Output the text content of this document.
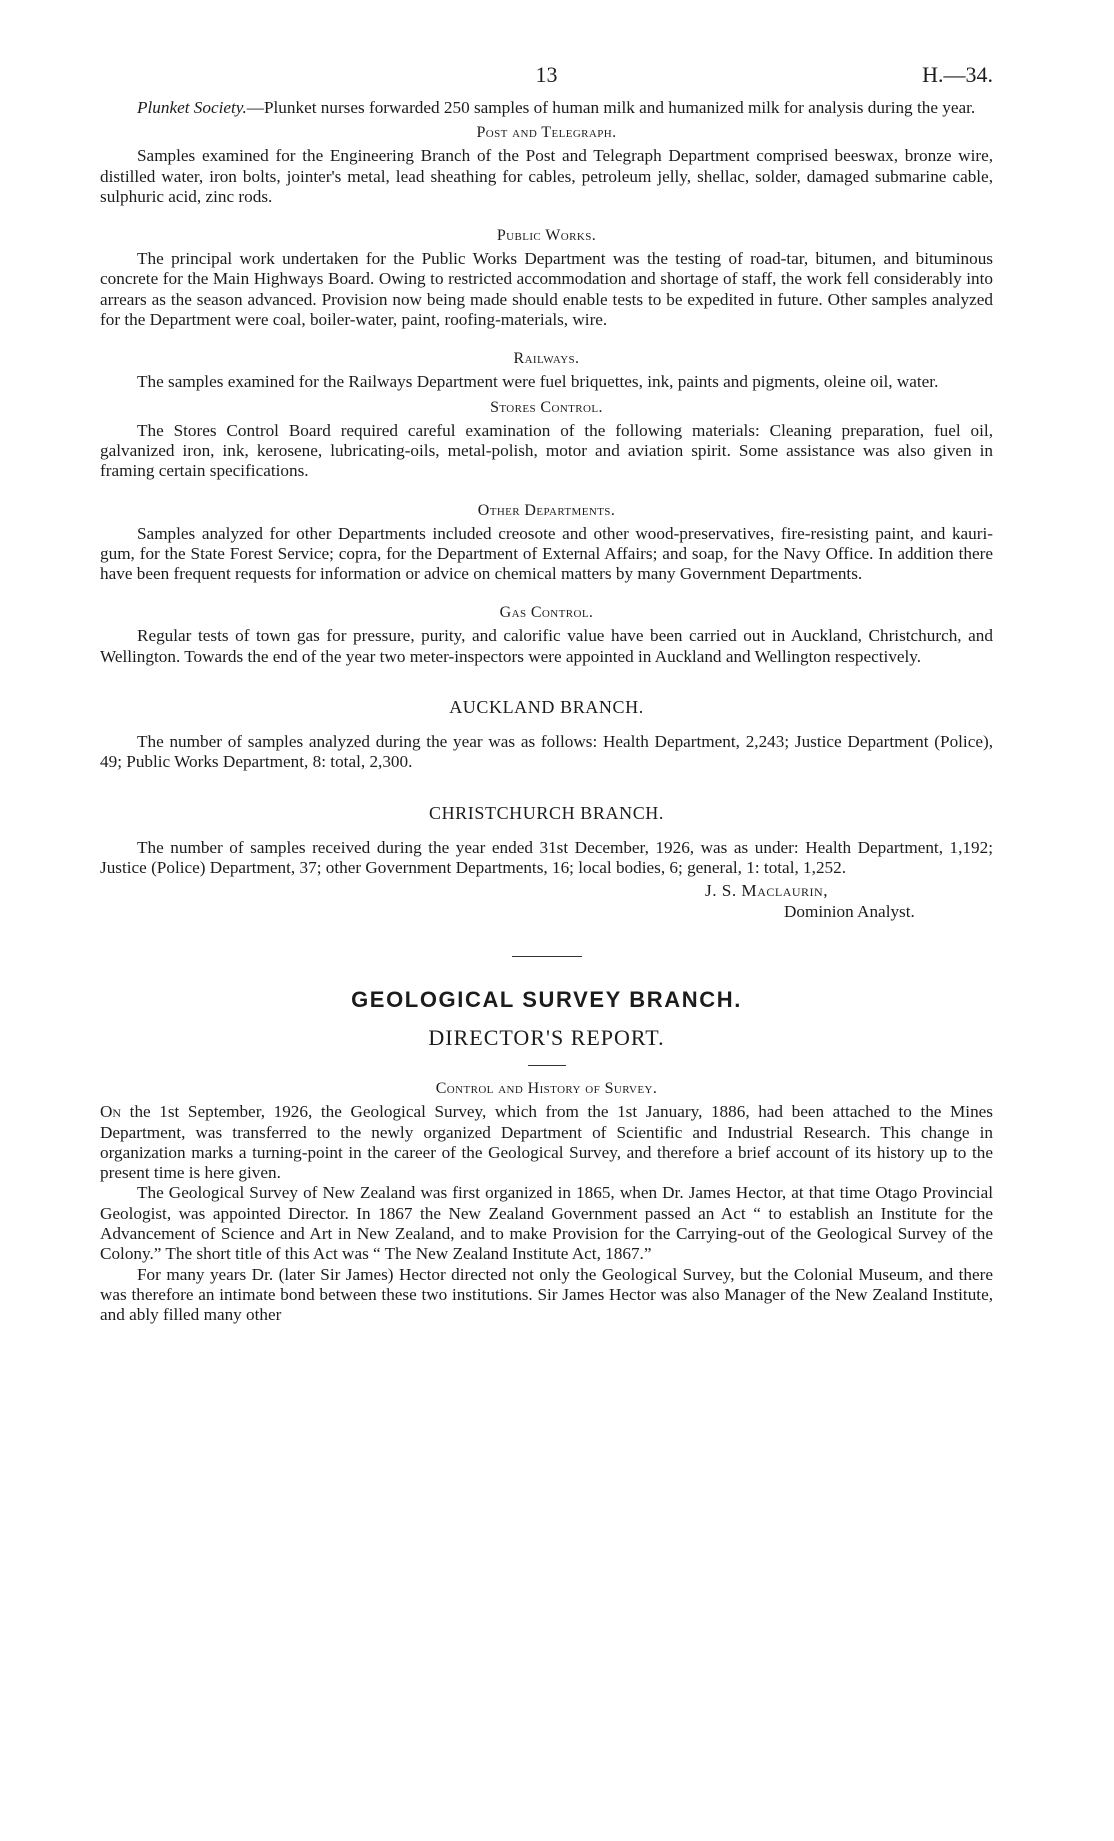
13	H.—34.

Plunket Society.—Plunket nurses forwarded 250 samples of human milk and humanized milk for analysis during the year.

Post and Telegraph.

Samples examined for the Engineering Branch of the Post and Telegraph Department comprised beeswax, bronze wire, distilled water, iron bolts, jointer's metal, lead sheathing for cables, petroleum jelly, shellac, solder, damaged submarine cable, sulphuric acid, zinc rods.

Public Works.

The principal work undertaken for the Public Works Department was the testing of road-tar, bitumen, and bituminous concrete for the Main Highways Board. Owing to restricted accommodation and shortage of staff, the work fell considerably into arrears as the season advanced. Provision now being made should enable tests to be expedited in future. Other samples analyzed for the Department were coal, boiler-water, paint, roofing-materials, wire.

Railways.

The samples examined for the Railways Department were fuel briquettes, ink, paints and pigments, oleine oil, water.

Stores Control.

The Stores Control Board required careful examination of the following materials: Cleaning preparation, fuel oil, galvanized iron, ink, kerosene, lubricating-oils, metal-polish, motor and aviation spirit. Some assistance was also given in framing certain specifications.

Other Departments.

Samples analyzed for other Departments included creosote and other wood-preservatives, fire-resisting paint, and kauri-gum, for the State Forest Service; copra, for the Department of External Affairs; and soap, for the Navy Office. In addition there have been frequent requests for information or advice on chemical matters by many Government Departments.

Gas Control.

Regular tests of town gas for pressure, purity, and calorific value have been carried out in Auckland, Christchurch, and Wellington. Towards the end of the year two meter-inspectors were appointed in Auckland and Wellington respectively.

AUCKLAND BRANCH.

The number of samples analyzed during the year was as follows: Health Department, 2,243; Justice Department (Police), 49; Public Works Department, 8: total, 2,300.

CHRISTCHURCH BRANCH.

The number of samples received during the year ended 31st December, 1926, was as under: Health Department, 1,192; Justice (Police) Department, 37; other Government Departments, 16; local bodies, 6; general, 1: total, 1,252.

J. S. Maclaurin,
Dominion Analyst.
GEOLOGICAL SURVEY BRANCH.
DIRECTOR'S REPORT.
Control and History of Survey.

On the 1st September, 1926, the Geological Survey, which from the 1st January, 1886, had been attached to the Mines Department, was transferred to the newly organized Department of Scientific and Industrial Research. This change in organization marks a turning-point in the career of the Geological Survey, and therefore a brief account of its history up to the present time is here given.

The Geological Survey of New Zealand was first organized in 1865, when Dr. James Hector, at that time Otago Provincial Geologist, was appointed Director. In 1867 the New Zealand Government passed an Act “ to establish an Institute for the Advancement of Science and Art in New Zealand, and to make Provision for the Carrying-out of the Geological Survey of the Colony.” The short title of this Act was “ The New Zealand Institute Act, 1867.”

For many years Dr. (later Sir James) Hector directed not only the Geological Survey, but the Colonial Museum, and there was therefore an intimate bond between these two institutions. Sir James Hector was also Manager of the New Zealand Institute, and ably filled many other
